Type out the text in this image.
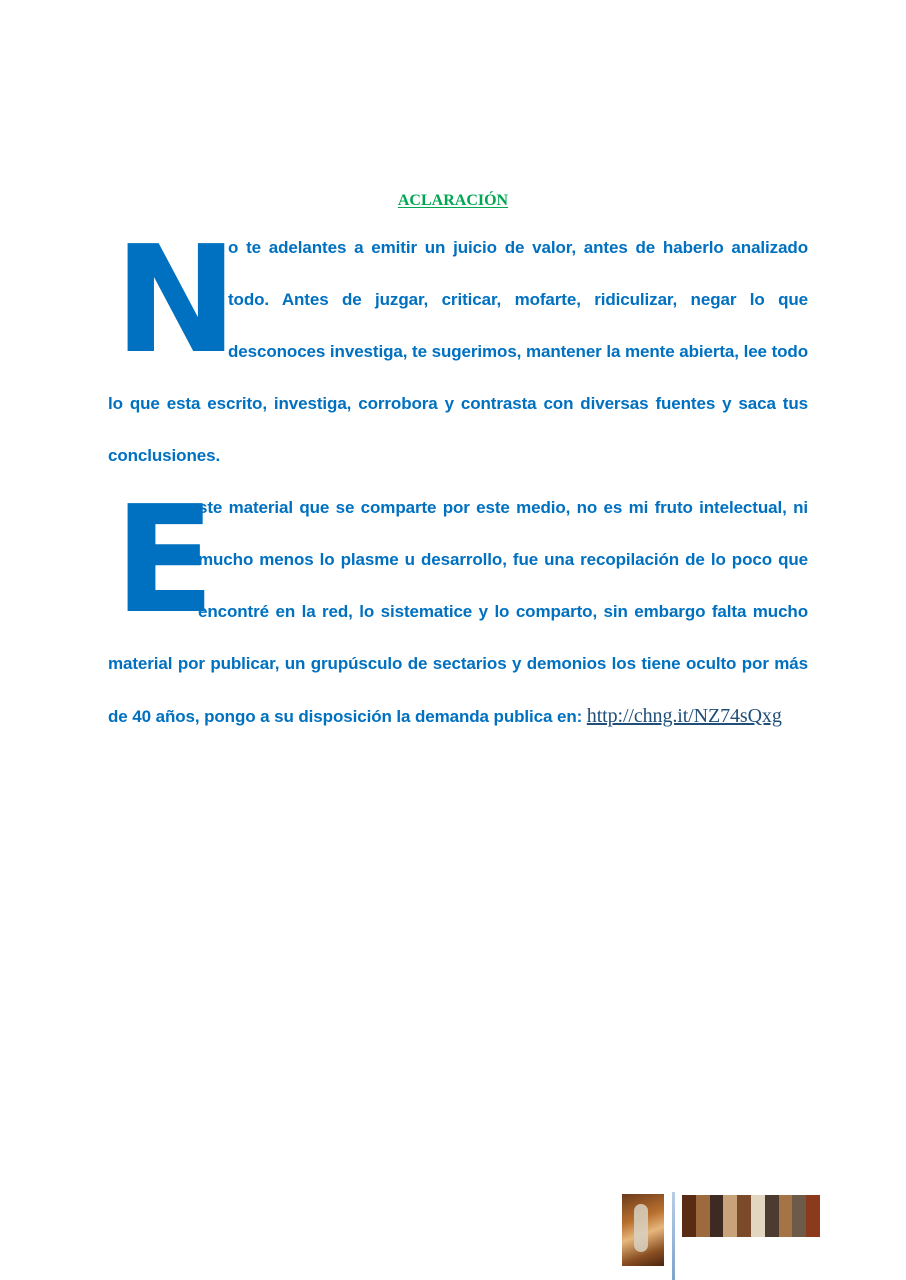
ACLARACIÓN
N
o te adelantes a emitir un juicio de valor, antes de haberlo analizado todo. Antes de juzgar, criticar, mofarte, ridiculizar, negar lo que desconoces investiga, te sugerimos, mantener la mente abierta, lee todo lo que esta escrito, investiga, corrobora y contrasta con diversas fuentes y saca tus conclusiones.
E
ste material que se comparte por este medio, no es mi fruto intelectual, ni mucho menos lo plasme u desarrollo, fue una recopilación de lo poco que encontré en la red, lo sistematice y lo comparto, sin embargo falta mucho material por publicar, un grupúsculo de sectarios y demonios los tiene oculto por más de 40 años, pongo a su disposición la demanda publica en: http://chng.it/NZ74sQxg
